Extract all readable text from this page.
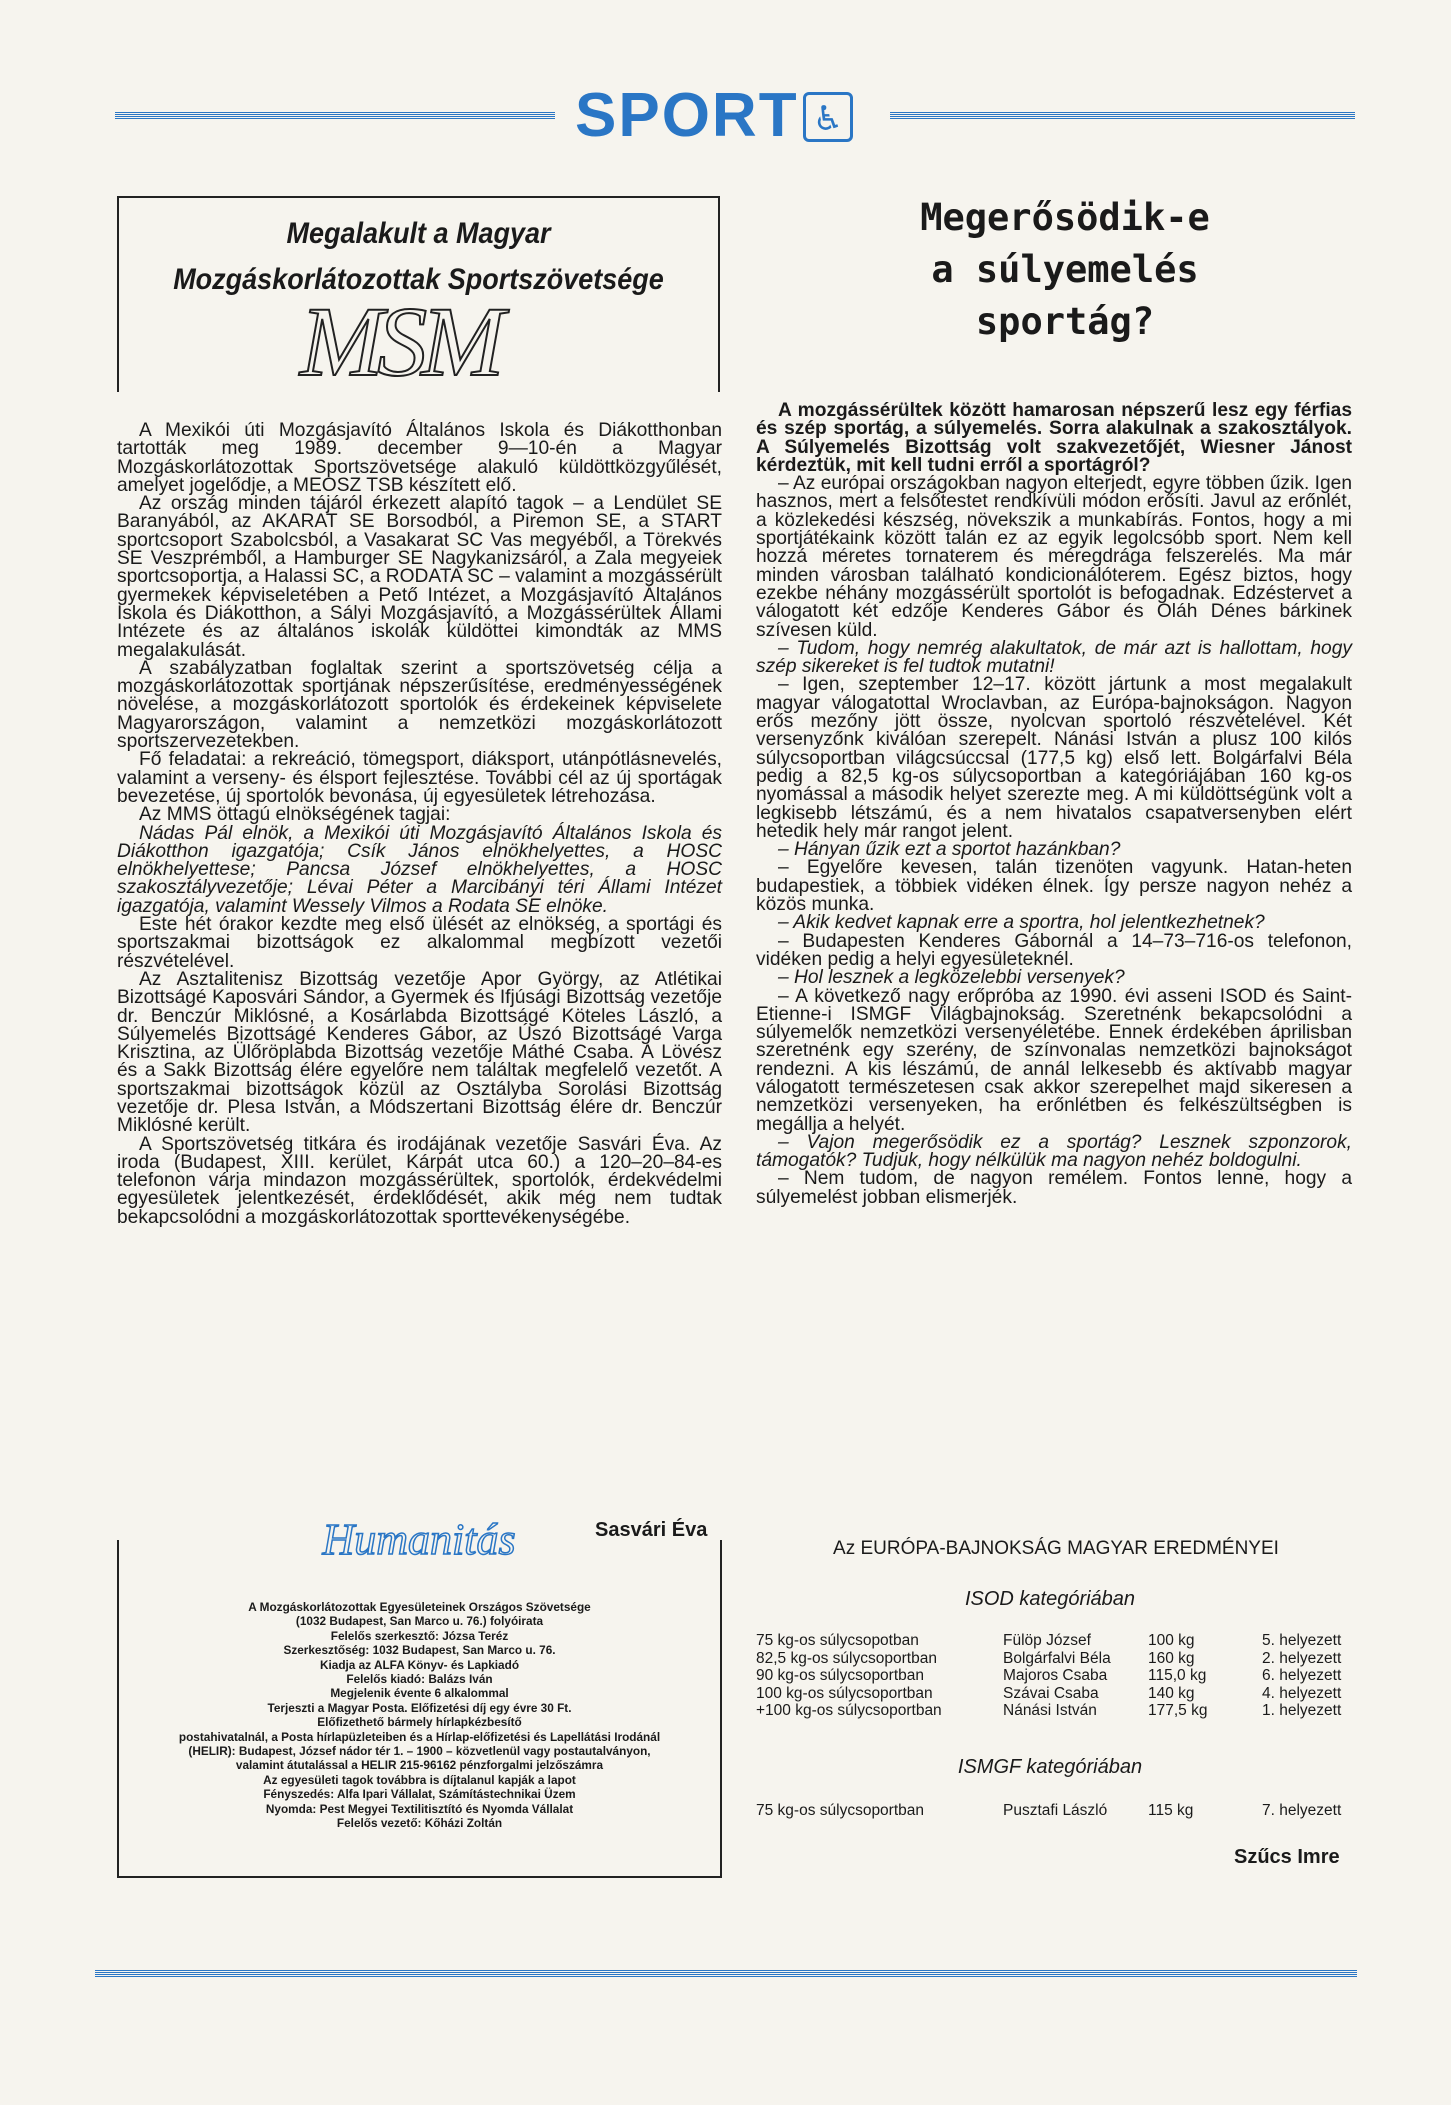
SPORT ♿
Megalakult a Magyar
Mozgáskorlátozottak Sportszövetsége
MSM

A Mexikói úti Mozgásjavító Általános Iskola és Diákotthonban tartották meg 1989. december 9—10-én a Magyar Mozgáskorlátozottak Sportszövetsége alakuló küldöttközgyűlését, amelyet jogelődje, a MEOSZ TSB készített elő.

Az ország minden tájáról érkezett alapító tagok – a Lendület SE Baranyából, az AKARAT SE Borsodból, a Piremon SE, a START sportcsoport Szabolcsból, a Vasakarat SC Vas megyéből, a Törekvés SE Veszprémből, a Hamburger SE Nagykanizsáról, a Zala megyeiek sportcsoportja, a Halassi SC, a RODATA SC – valamint a mozgássérült gyermekek képviseletében a Pető Intézet, a Mozgásjavító Általános Iskola és Diákotthon, a Sályi Mozgásjavító, a Mozgássérültek Állami Intézete és az általános iskolák küldöttei kimondták az MMS megalakulását.

A szabályzatban foglaltak szerint a sportszövetség célja a mozgáskorlátozottak sportjának népszerűsítése, eredményességének növelése, a mozgáskorlátozott sportolók és érdekeinek képviselete Magyarországon, valamint a nemzetközi mozgáskorlátozott sportszervezetekben.

Fő feladatai: a rekreáció, tömegsport, diáksport, utánpótlásnevelés, valamint a verseny- és élsport fejlesztése. További cél az új sportágak bevezetése, új sportolók bevonása, új egyesületek létrehozása.

Az MMS öttagú elnökségének tagjai:

Nádas Pál elnök, a Mexikói úti Mozgásjavító Általános Iskola és Diákotthon igazgatója; Csík János elnökhelyettes, a HOSC elnökhelyettese; Pancsa József elnökhelyettes, a HOSC szakosztályvezetője; Lévai Péter a Marcibányi téri Állami Intézet igazgatója, valamint Wessely Vilmos a Rodata SE elnöke.

Este hét órakor kezdte meg első ülését az elnökség, a sportági és sportszakmai bizottságok ez alkalommal megbízott vezetői részvételével.

Az Asztalitenisz Bizottság vezetője Apor György, az Atlétikai Bizottságé Kaposvári Sándor, a Gyermek és Ifjúsági Bizottság vezetője dr. Benczúr Miklósné, a Kosárlabda Bizottságé Köteles László, a Súlyemelés Bizottságé Kenderes Gábor, az Úszó Bizottságé Varga Krisztina, az Ülőröplabda Bizottság vezetője Máthé Csaba. A Lövész és a Sakk Bizottság élére egyelőre nem találtak megfelelő vezetőt. A sportszakmai bizottságok közül az Osztályba Sorolási Bizottság vezetője dr. Plesa István, a Módszertani Bizottság élére dr. Benczúr Miklósné került.

A Sportszövetség titkára és irodájának vezetője Sasvári Éva. Az iroda (Budapest, XIII. kerület, Kárpát utca 60.) a 120–20–84-es telefonon várja mindazon mozgássérültek, sportolók, érdekvédelmi egyesületek jelentkezését, érdeklődését, akik még nem tudtak bekapcsolódni a mozgáskorlátozottak sporttevékenységébe.

Sasvári Éva
Humanitás
A Mozgáskorlátozottak Egyesületeinek Országos Szövetsége
(1032 Budapest, San Marco u. 76.) folyóirata
Felelős szerkesztő: Józsa Teréz
Szerkesztőség: 1032 Budapest, San Marco u. 76.
Kiadja az ALFA Könyv- és Lapkiadó
Felelős kiadó: Balázs Iván
Megjelenik évente 6 alkalommal
Terjeszti a Magyar Posta. Előfizetési díj egy évre 30 Ft.
Előfizethető bármely hírlapkézbesítő
postahivatalnál, a Posta hírlapüzleteiben és a Hírlap-előfizetési és Lapellátási Irodánál
(HELIR): Budapest, József nádor tér 1. – 1900 – közvetlenül vagy postautalványon,
valamint átutalással a HELIR 215-96162 pénzforgalmi jelzőszámra
Az egyesületi tagok továbbra is díjtalanul kapják a lapot
Fényszedés: Alfa Ipari Vállalat, Számítástechnikai Üzem
Nyomda: Pest Megyei Textilitisztító és Nyomda Vállalat
Felelős vezető: Kőházi Zoltán
Megerősödik-e
a súlyemelés
sportág?

A mozgássérültek között hamarosan népszerű lesz egy férfias és szép sportág, a súlyemelés. Sorra alakulnak a szakosztályok. A Súlyemelés Bizottság volt szakvezetőjét, Wiesner Jánost kérdeztük, mit kell tudni erről a sportágról?

– Az európai országokban nagyon elterjedt, egyre többen űzik. Igen hasznos, mert a felsőtestet rendkívüli módon erősíti. Javul az erőnlét, a közlekedési készség, növekszik a munkabírás. Fontos, hogy a mi sportjátékaink között talán ez az egyik legolcsóbb sport. Nem kell hozzá méretes tornaterem és méregdrága felszerelés. Ma már minden városban található kondicionálóterem. Egész biztos, hogy ezekbe néhány mozgássérült sportolót is befogadnak. Edzéstervet a válogatott két edzője Kenderes Gábor és Oláh Dénes bárkinek szívesen küld.

– Tudom, hogy nemrég alakultatok, de már azt is hallottam, hogy szép sikereket is fel tudtok mutatni!

– Igen, szeptember 12–17. között jártunk a most megalakult magyar válogatottal Wroclavban, az Európa-bajnokságon. Nagyon erős mezőny jött össze, nyolcvan sportoló részvételével. Két versenyzőnk kiválóan szerepelt. Nánási István a plusz 100 kilós súlycsoportban világcsúccsal (177,5 kg) első lett. Bolgárfalvi Béla pedig a 82,5 kg-os súlycsoportban a kategóriájában 160 kg-os nyomással a második helyet szerezte meg. A mi küldöttségünk volt a legkisebb létszámú, és a nem hivatalos csapatversenyben elért hetedik hely már rangot jelent.

– Hányan űzik ezt a sportot hazánkban?

– Egyelőre kevesen, talán tizenöten vagyunk. Hatan-heten budapestiek, a többiek vidéken élnek. Így persze nagyon nehéz a közös munka.

– Akik kedvet kapnak erre a sportra, hol jelentkezhetnek?

– Budapesten Kenderes Gábornál a 14–73–716-os telefonon, vidéken pedig a helyi egyesületeknél.

– Hol lesznek a legközelebbi versenyek?

– A következő nagy erőpróba az 1990. évi asseni ISOD és Saint-Etienne-i ISMGF Világbajnokság. Szeretnénk bekapcsolódni a súlyemelők nemzetközi versenyéletébe. Ennek érdekében áprilisban szeretnénk egy szerény, de színvonalas nemzetközi bajnokságot rendezni. A kis lészámú, de annál lelkesebb és aktívabb magyar válogatott természetesen csak akkor szerepelhet majd sikeresen a nemzetközi versenyeken, ha erőnlétben és felkészültségben is megállja a helyét.

– Vajon megerősödik ez a sportág? Lesznek szponzorok, támogatók? Tudjuk, hogy nélkülük ma nagyon nehéz boldogulni.

– Nem tudom, de nagyon remélem. Fontos lenne, hogy a súlyemelést jobban elismerjék.

Az EURÓPA-BAJNOKSÁG MAGYAR EREDMÉNYEI
ISOD kategóriában
75 kg-os súlycsopotban	Fülöp József	100 kg	5. helyezett
82,5 kg-os súlycsoportban	Bolgárfalvi Béla	160 kg	2. helyezett
90 kg-os súlycsoportban	Majoros Csaba	115,0 kg	6. helyezett
100 kg-os súlycsoportban	Szávai Csaba	140 kg	4. helyezett
+100 kg-os súlycsoportban	Nánási István	177,5 kg	1. helyezett
ISMGF kategóriában
75 kg-os súlycsoportban	Pusztafi László	115 kg	7. helyezett
Szűcs Imre
